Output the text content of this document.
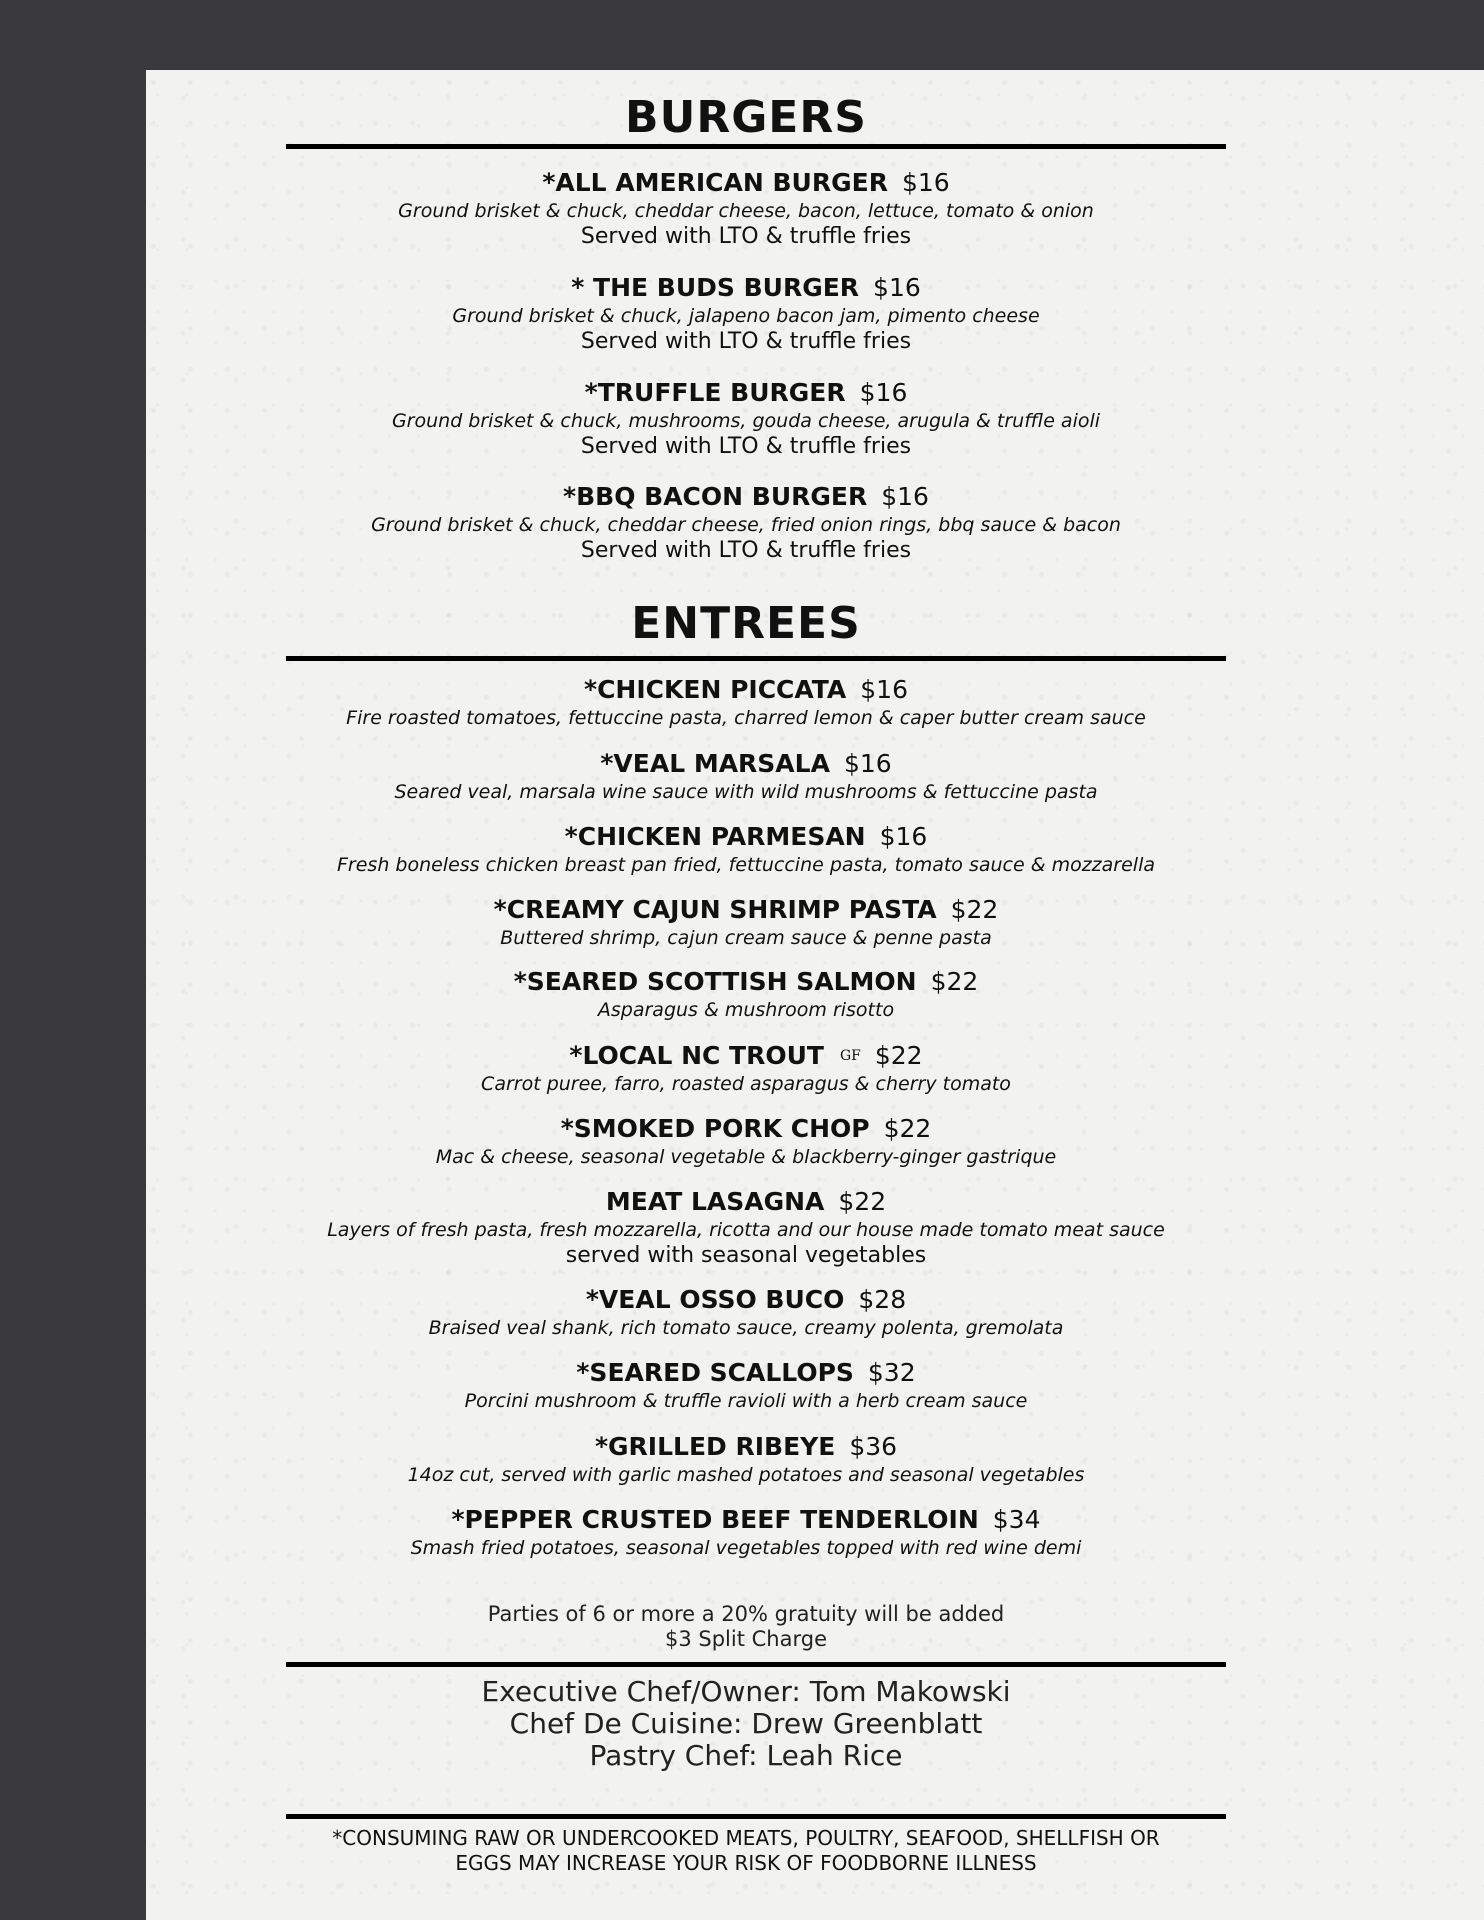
BURGERS
*ALL AMERICAN BURGER $16
Ground brisket & chuck, cheddar cheese, bacon, lettuce, tomato & onion
Served with LTO & truffle fries
* THE BUDS BURGER $16
Ground brisket & chuck, jalapeno bacon jam, pimento cheese
Served with LTO & truffle fries
*TRUFFLE BURGER $16
Ground brisket & chuck, mushrooms, gouda cheese, arugula & truffle aioli
Served with LTO & truffle fries
*BBQ BACON BURGER $16
Ground brisket & chuck, cheddar cheese, fried onion rings, bbq sauce & bacon
Served with LTO & truffle fries
ENTREES
*CHICKEN PICCATA $16
Fire roasted tomatoes, fettuccine pasta, charred lemon & caper butter cream sauce
*VEAL MARSALA $16
Seared veal, marsala wine sauce with wild mushrooms & fettuccine pasta
*CHICKEN PARMESAN $16
Fresh boneless chicken breast pan fried, fettuccine pasta, tomato sauce & mozzarella
*CREAMY CAJUN SHRIMP PASTA $22
Buttered shrimp, cajun cream sauce & penne pasta
*SEARED SCOTTISH SALMON $22
Asparagus & mushroom risotto
*LOCAL NC TROUT GF $22
Carrot puree, farro, roasted asparagus & cherry tomato
*SMOKED PORK CHOP $22
Mac & cheese, seasonal vegetable & blackberry-ginger gastrique
MEAT LASAGNA $22
Layers of fresh pasta, fresh mozzarella, ricotta and our house made tomato meat sauce
served with seasonal vegetables
*VEAL OSSO BUCO $28
Braised veal shank, rich tomato sauce, creamy polenta, gremolata
*SEARED SCALLOPS $32
Porcini mushroom & truffle ravioli with a herb cream sauce
*GRILLED RIBEYE $36
14oz cut, served with garlic mashed potatoes and seasonal vegetables
*PEPPER CRUSTED BEEF TENDERLOIN $34
Smash fried potatoes, seasonal vegetables topped with red wine demi
Parties of 6 or more a 20% gratuity will be added
$3 Split Charge
Executive Chef/Owner: Tom Makowski
Chef De Cuisine: Drew Greenblatt
Pastry Chef: Leah Rice
*CONSUMING RAW OR UNDERCOOKED MEATS, POULTRY, SEAFOOD, SHELLFISH OR
EGGS MAY INCREASE YOUR RISK OF FOODBORNE ILLNESS
